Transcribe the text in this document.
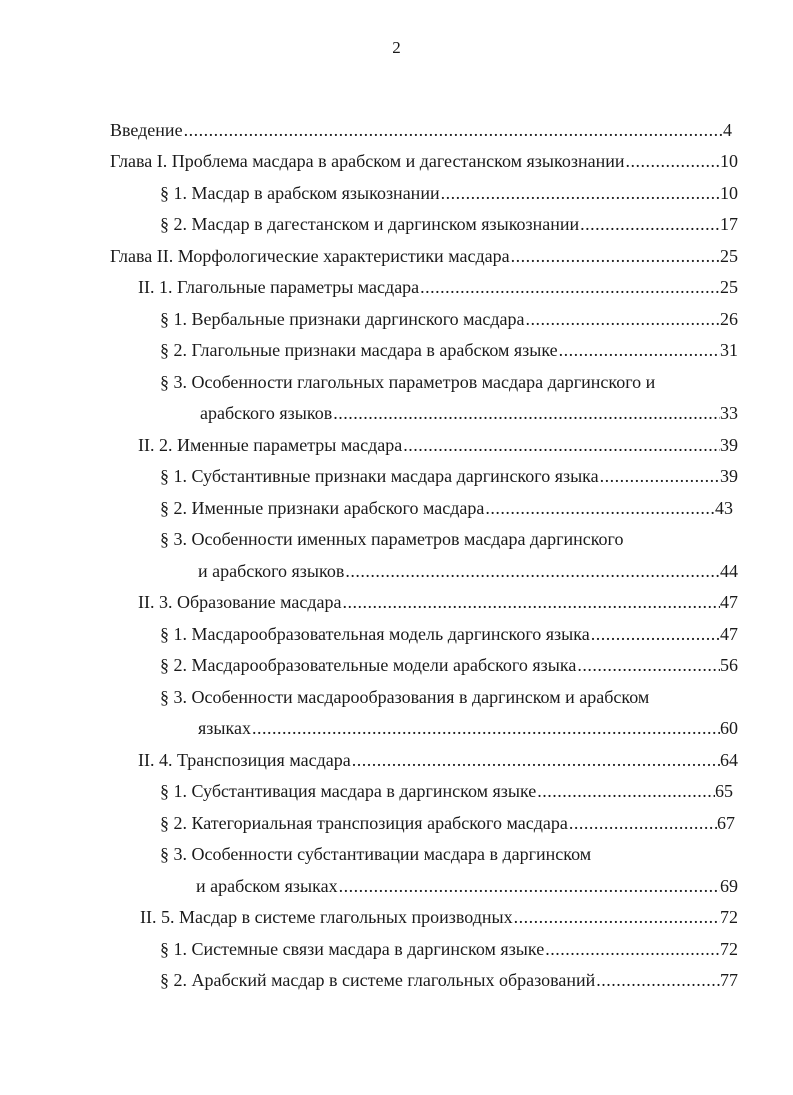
2
Введение .....	4
Глава I. Проблема масдара в арабском и дагестанском языкознании .....	10
§ 1. Масдар в арабском языкознании .....	10
§ 2. Масдар в дагестанском и даргинском языкознании .....	17
Глава II. Морфологические характеристики масдара .....	25
II. 1. Глагольные параметры масдара .....	25
§ 1. Вербальные признаки даргинского масдара .....	26
§ 2. Глагольные признаки масдара в арабском языке .....	31
§ 3. Особенности глагольных параметров масдара даргинского и
арабского языков .....	33
II. 2. Именные параметры масдара .....	39
§ 1. Субстантивные признаки масдара даргинского языка .....	39
§ 2. Именные признаки арабского масдара .....	43
§ 3. Особенности именных параметров масдара даргинского
и арабского языков .....	44
II. 3. Образование масдара .....	47
§ 1. Масдарообразовательная модель даргинского языка .....	47
§ 2. Масдарообразовательные модели арабского языка .....	56
§ 3. Особенности масдарообразования в даргинском и арабском
языках .....	60
II. 4. Транспозиция масдара .....	64
§ 1. Субстантивация масдара в даргинском языке .....	65
§ 2. Категориальная транспозиция арабского масдара .....	67
§ 3. Особенности субстантивации масдара в даргинском
и арабском языках .....	69
II. 5. Масдар в системе глагольных производных .....	72
§ 1. Системные связи масдара в даргинском языке .....	72
§ 2. Арабский масдар в системе глагольных образований .....	77
